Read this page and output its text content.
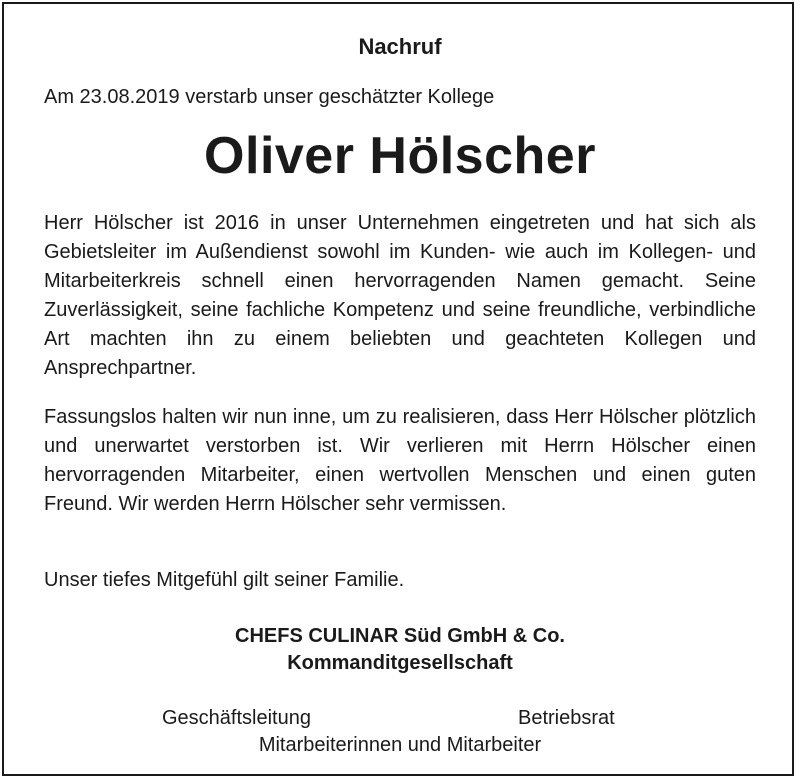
Nachruf
Am 23.08.2019 verstarb unser geschätzter Kollege
Oliver Hölscher

Herr Hölscher ist 2016 in unser Unternehmen eingetreten und hat sich als Gebietsleiter im Außendienst sowohl im Kunden- wie auch im Kollegen- und Mitarbeiterkreis schnell einen hervorragenden Namen gemacht. Seine Zuverlässigkeit, seine fachliche Kompetenz und seine freundliche, verbindliche Art machten ihn zu einem beliebten und geachteten Kollegen und Ansprechpartner.

Fassungslos halten wir nun inne, um zu realisieren, dass Herr Hölscher plötzlich und unerwartet verstorben ist. Wir verlieren mit Herrn Hölscher einen hervorragenden Mitarbeiter, einen wertvollen Menschen und einen guten Freund. Wir werden Herrn Hölscher sehr vermissen.

Unser tiefes Mitgefühl gilt seiner Familie.

CHEFS CULINAR Süd GmbH & Co.
Kommanditgesellschaft
Geschäftsleitung	Betriebsrat
Mitarbeiterinnen und Mitarbeiter
